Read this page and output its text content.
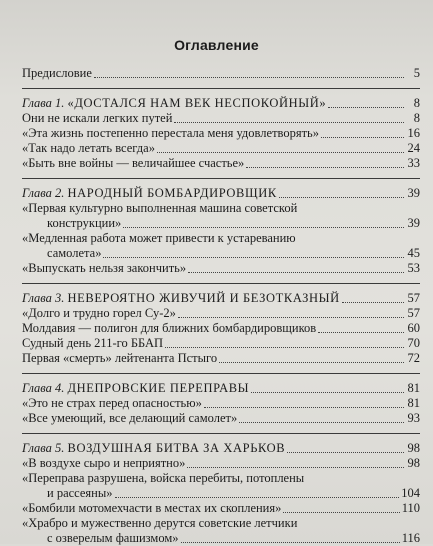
Оглавление
Предисловие	5
Глава 1. «ДОСТАЛСЯ НАМ ВЕК НЕСПОКОЙНЫЙ»	8
Они не искали легких путей	8
«Эта жизнь постепенно перестала меня удовлетворять»	16
«Так надо летать всегда»	24
«Быть вне войны — величайшее счастье»	33
Глава 2. НАРОДНЫЙ БОМБАРДИРОВЩИК	39
«Первая культурно выполненная машина советской
конструкции»	39
«Медленная работа может привести к устареванию
самолета»	45
«Выпускать нельзя закончить»	53
Глава 3. НЕВЕРОЯТНО ЖИВУЧИЙ И БЕЗОТКАЗНЫЙ	57
«Долго и трудно горел Су-2»	57
Молдавия — полигон для ближних бомбардировщиков	60
Судный день 211-го ББАП	70
Первая «смерть» лейтенанта Пстыго	72
Глава 4. ДНЕПРОВСКИЕ ПЕРЕПРАВЫ	81
«Это не страх перед опасностью»	81
«Все умеющий, все делающий самолет»	93
Глава 5. ВОЗДУШНАЯ БИТВА ЗА ХАРЬКОВ	98
«В воздухе сыро и неприятно»	98
«Переправа разрушена, войска перебиты, потоплены
и рассеяны»	104
«Бомбили мотомехчасти в местах их скопления»	110
«Храбро и мужественно дерутся советские летчики
с озверелым фашизмом»	116
